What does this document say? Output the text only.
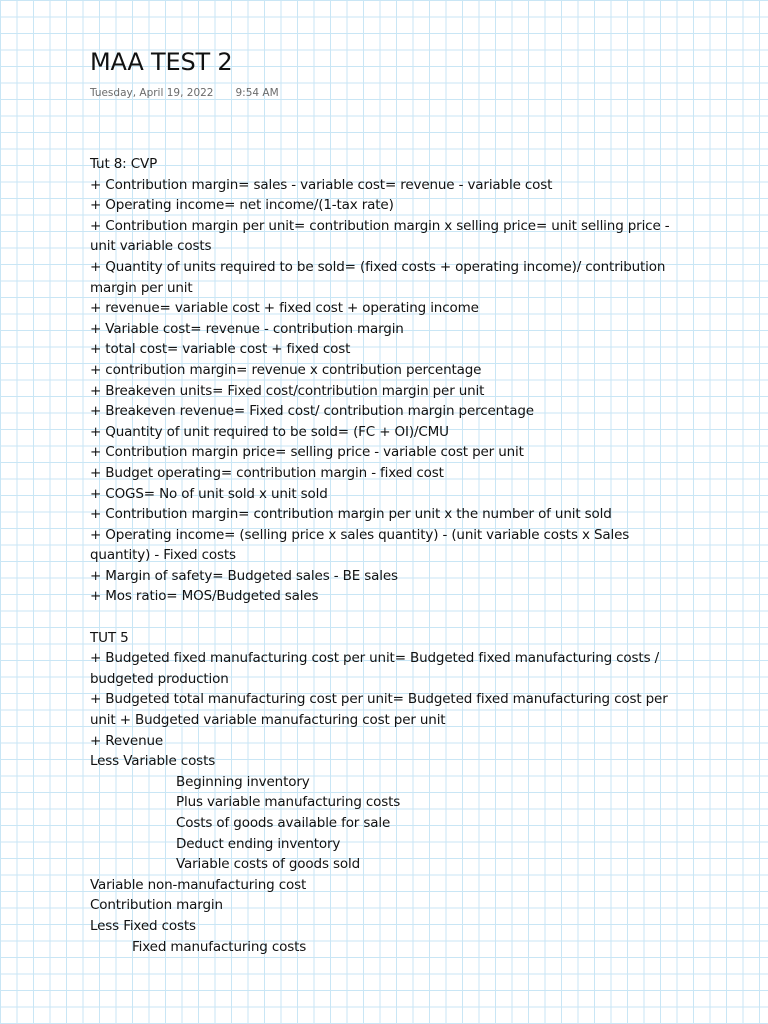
MAA TEST 2
Tuesday, April 19, 2022 9:54 AM
Tut 8: CVP
+ Contribution margin= sales - variable cost= revenue - variable cost
+ Operating income= net income/(1-tax rate)
+ Contribution margin per unit= contribution margin x selling price= unit selling price -
unit variable costs
+ Quantity of units required to be sold= (fixed costs + operating income)/ contribution
margin per unit
+ revenue= variable cost + fixed cost + operating income
+ Variable cost= revenue - contribution margin
+ total cost= variable cost + fixed cost
+ contribution margin= revenue x contribution percentage
+ Breakeven units= Fixed cost/contribution margin per unit
+ Breakeven revenue= Fixed cost/ contribution margin percentage
+ Quantity of unit required to be sold= (FC + OI)/CMU
+ Contribution margin price= selling price - variable cost per unit
+ Budget operating= contribution margin - fixed cost
+ COGS= No of unit sold x unit sold
+ Contribution margin= contribution margin per unit x the number of unit sold
+ Operating income= (selling price x sales quantity) - (unit variable costs x Sales
quantity) - Fixed costs
+ Margin of safety= Budgeted sales - BE sales
+ Mos ratio= MOS/Budgeted sales
TUT 5
+ Budgeted fixed manufacturing cost per unit= Budgeted fixed manufacturing costs /
budgeted production
+ Budgeted total manufacturing cost per unit= Budgeted fixed manufacturing cost per
unit + Budgeted variable manufacturing cost per unit
+ Revenue
Less Variable costs
Beginning inventory
Plus variable manufacturing costs
Costs of goods available for sale
Deduct ending inventory
Variable costs of goods sold
Variable non-manufacturing cost
Contribution margin
Less Fixed costs
Fixed manufacturing costs
